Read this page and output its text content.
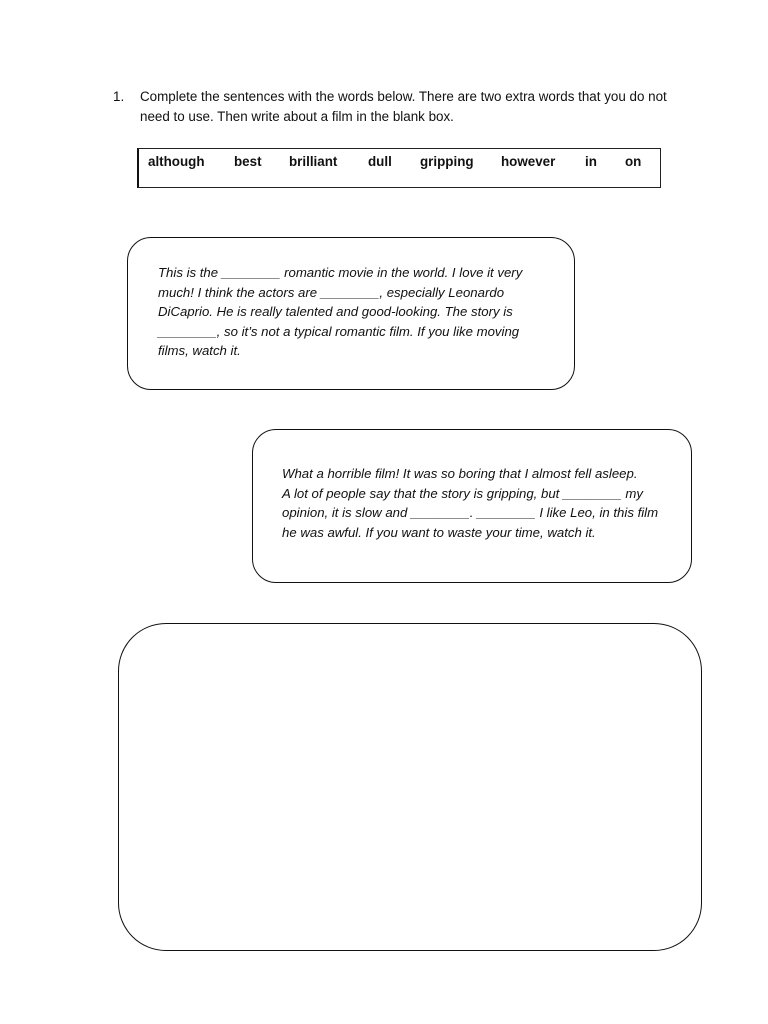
1.	Complete the sentences with the words below. There are two extra words that you do not need to use. Then write about a film in the blank box.
although best brilliant dull gripping however in on
This is the ________ romantic movie in the world. I love it very
much! I think the actors are ________, especially Leonardo
DiCaprio. He is really talented and good-looking. The story is
________, so it’s not a typical romantic film. If you like moving
films, watch it.
What a horrible film! It was so boring that I almost fell asleep.
A lot of people say that the story is gripping, but ________ my
opinion, it is slow and ________. ________ I like Leo, in this film
he was awful. If you want to waste your time, watch it.
